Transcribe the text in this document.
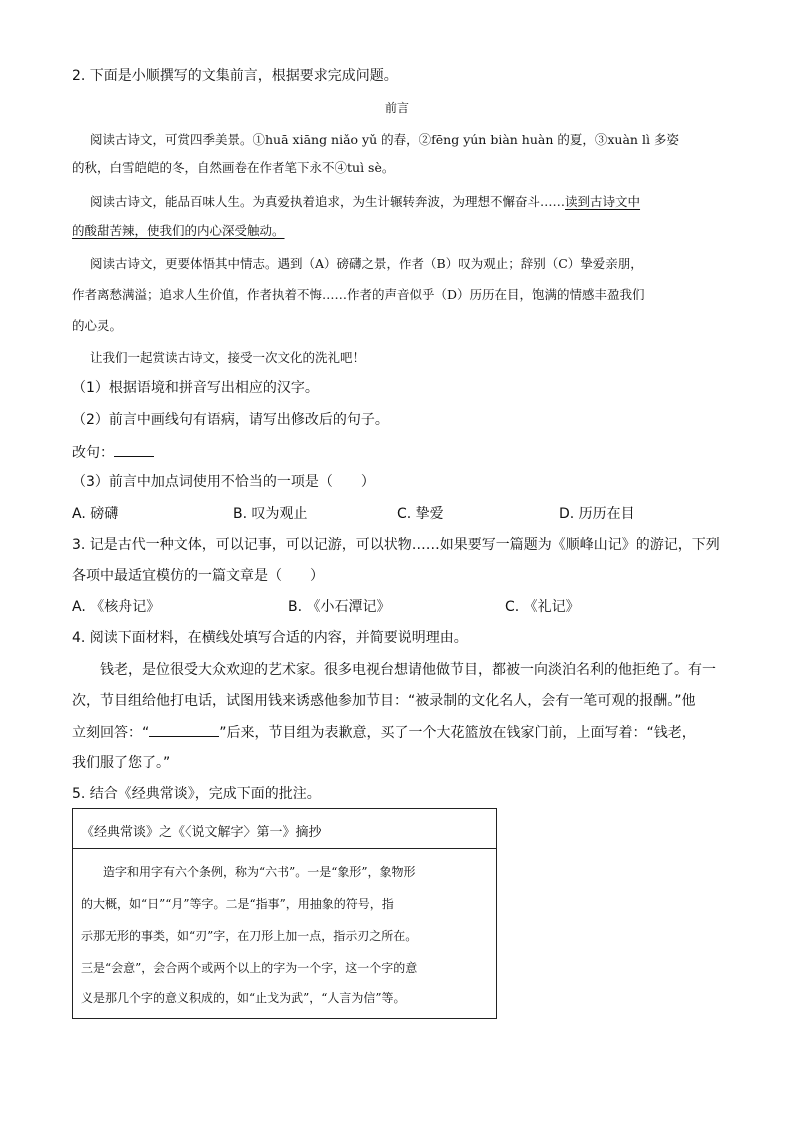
2. 下面是小顺撰写的文集前言，根据要求完成问题。
前言
阅读古诗文，可赏四季美景。①huā xiāng niǎo yǔ 的春，②fēng yún biàn huàn 的夏，③xuàn lì 多姿
的秋，白雪皑皑的冬，自然画卷在作者笔下永不④tuì sè。
阅读古诗文，能品百味人生。为真爱执着追求，为生计辗转奔波，为理想不懈奋斗……读到古诗文中
的酸甜苦辣，使我们的内心深受触动。
阅读古诗文，更要体悟其中情志。遇到（A）磅礴之景，作者（B）叹为观止；辞别（C）挚爱亲朋，
作者离愁满溢；追求人生价值，作者执着不悔……作者的声音似乎（D）历历在目，饱满的情感丰盈我们
的心灵。
让我们一起赏读古诗文，接受一次文化的洗礼吧！
（1）根据语境和拼音写出相应的汉字。
（2）前言中画线句有语病，请写出修改后的句子。
改句：
（3）前言中加点词使用不恰当的一项是（　　）
A. 磅礴	B. 叹为观止	C. 挚爱	D. 历历在目
3. 记是古代一种文体，可以记事，可以记游，可以状物……如果要写一篇题为《顺峰山记》的游记，下列
各项中最适宜模仿的一篇文章是（　　）
A. 《核舟记》	B. 《小石潭记》	C. 《礼记》
4. 阅读下面材料，在横线处填写合适的内容，并简要说明理由。
钱老，是位很受大众欢迎的艺术家。很多电视台想请他做节目，都被一向淡泊名利的他拒绝了。有一
次，节目组给他打电话，试图用钱来诱惑他参加节目：“被录制的文化名人，会有一笔可观的报酬。”他
立刻回答：“	”后来，节目组为表歉意，买了一个大花篮放在钱家门前，上面写着：“钱老，
我们服了您了。”
5. 结合《经典常谈》，完成下面的批注。
《经典常谈》之《〈说文解字〉第一》摘抄
造字和用字有六个条例，称为“六书”。一是“象形”，象物形
的大概，如“日”“月”等字。二是“指事”，用抽象的符号，指
示那无形的事类，如“刃”字，在刀形上加一点，指示刃之所在。
三是“会意”，会合两个或两个以上的字为一个字，这一个字的意
义是那几个字的意义积成的，如“止戈为武”，“人言为信”等。
